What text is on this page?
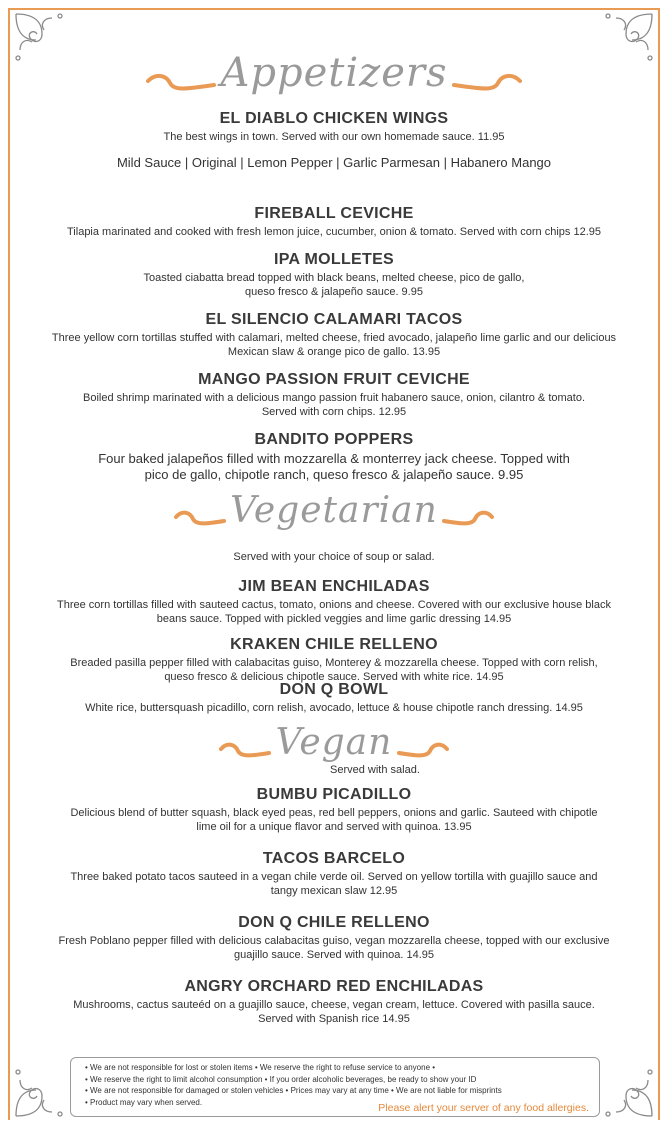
Appetizers
EL DIABLO CHICKEN WINGS

The best wings in town. Served with our own homemade sauce. 11.95

Mild Sauce | Original | Lemon Pepper | Garlic Parmesan | Habanero Mango
FIREBALL CEVICHE

Tilapia marinated and cooked with fresh lemon juice, cucumber, onion & tomato. Served with corn chips 12.95

IPA MOLLETES

Toasted ciabatta bread topped with black beans, melted cheese, pico de gallo,

queso fresco & jalapeño sauce. 9.95

EL SILENCIO CALAMARI TACOS

Three yellow corn tortillas stuffed with calamari, melted cheese, fried avocado, jalapeño lime garlic and our delicious

Mexican slaw & orange pico de gallo. 13.95

MANGO PASSION FRUIT CEVICHE

Boiled shrimp marinated with a delicious mango passion fruit habanero sauce, onion, cilantro & tomato.

Served with corn chips. 12.95

BANDITO POPPERS

Four baked jalapeños filled with mozzarella & monterrey jack cheese. Topped with

pico de gallo, chipotle ranch, queso fresco & jalapeño sauce. 9.95

Vegetarian
Served with your choice of soup or salad.
JIM BEAN ENCHILADAS

Three corn tortillas filled with sauteed cactus, tomato, onions and cheese. Covered with our exclusive house black

beans sauce. Topped with pickled veggies and lime garlic dressing 14.95

KRAKEN CHILE RELLENO

Breaded pasilla pepper filled with calabacitas guiso, Monterey & mozzarella cheese. Topped with corn relish,

queso fresco & delicious chipotle sauce. Served with white rice. 14.95

DON Q BOWL

White rice, buttersquash picadillo, corn relish, avocado, lettuce & house chipotle ranch dressing. 14.95

Vegan
Served with salad.
BUMBU PICADILLO

Delicious blend of butter squash, black eyed peas, red bell peppers, onions and garlic. Sauteed with chipotle

lime oil for a unique flavor and served with quinoa. 13.95

TACOS BARCELO

Three baked potato tacos sauteed in a vegan chile verde oil. Served on yellow tortilla with guajillo sauce and

tangy mexican slaw 12.95

DON Q CHILE RELLENO

Fresh Poblano pepper filled with delicious calabacitas guiso, vegan mozzarella cheese, topped with our exclusive

guajillo sauce. Served with quinoa. 14.95

ANGRY ORCHARD RED ENCHILADAS

Mushrooms, cactus sauteéd on a guajillo sauce, cheese, vegan cream, lettuce. Covered with pasilla sauce.

Served with Spanish rice 14.95

• We are not responsible for lost or stolen items • We reserve the right to refuse service to anyone •
• We reserve the right to limit alcohol consumption • If you order alcoholic beverages, be ready to show your ID
• We are not responsible for damaged or stolen vehicles • Prices may vary at any time • We are not liable for misprints
• Product may vary when served.	Please alert your server of any food allergies.
